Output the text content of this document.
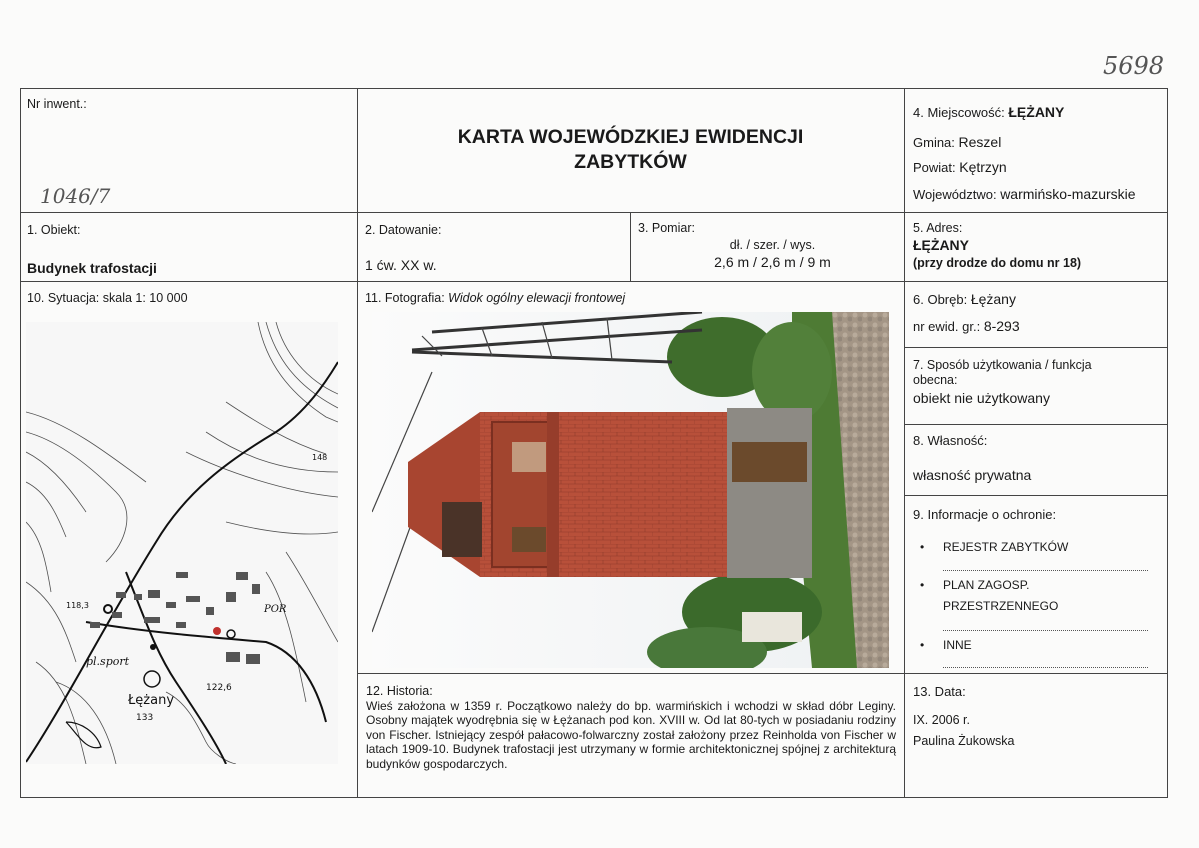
5698
Nr inwent.:
1046/7
KARTA WOJEWÓDZKIEJ EWIDENCJI
ZABYTKÓW
4. Miejscowość: ŁĘŻANY
Gmina: Reszel
Powiat: Kętrzyn
Województwo: warmińsko-mazurskie
1. Obiekt:
Budynek trafostacji
2. Datowanie:
1 ćw. XX w.
3. Pomiar:
dł. / szer. / wys.
2,6 m / 2,6 m / 9 m
5. Adres:
ŁĘŻANY
(przy drodze do domu nr 18)
10. Sytuacja: skala 1: 10 000	11. Fotografia: Widok ogólny elewacji frontowej
pl.sport
Łężany
POR
122,6
133
148
118,3
6. Obręb: Łężany
nr ewid. gr.: 8-293
7. Sposób użytkowania / funkcja
obecna:
obiekt nie użytkowany
8. Własność:
własność prywatna
9. Informacje o ochronie:
• REJESTR ZABYTKÓW
• PLAN ZAGOSP.
PRZESTRZENNEGO
• INNE
12. Historia:
Wieś założona w 1359 r. Początkowo należy do bp. warmińskich i wchodzi w skład dóbr Leginy. Osobny majątek wyodrębnia się w Łężanach pod kon. XVIII w. Od lat 80-tych w posiadaniu rodziny von Fischer. Istniejący zespół pałacowo-folwarczny został założony przez Reinholda von Fischer w latach 1909-10. Budynek trafostacji jest utrzymany w formie architektonicznej spójnej z architekturą budynków gospodarczych.
13. Data:
IX. 2006 r.
Paulina Żukowska
